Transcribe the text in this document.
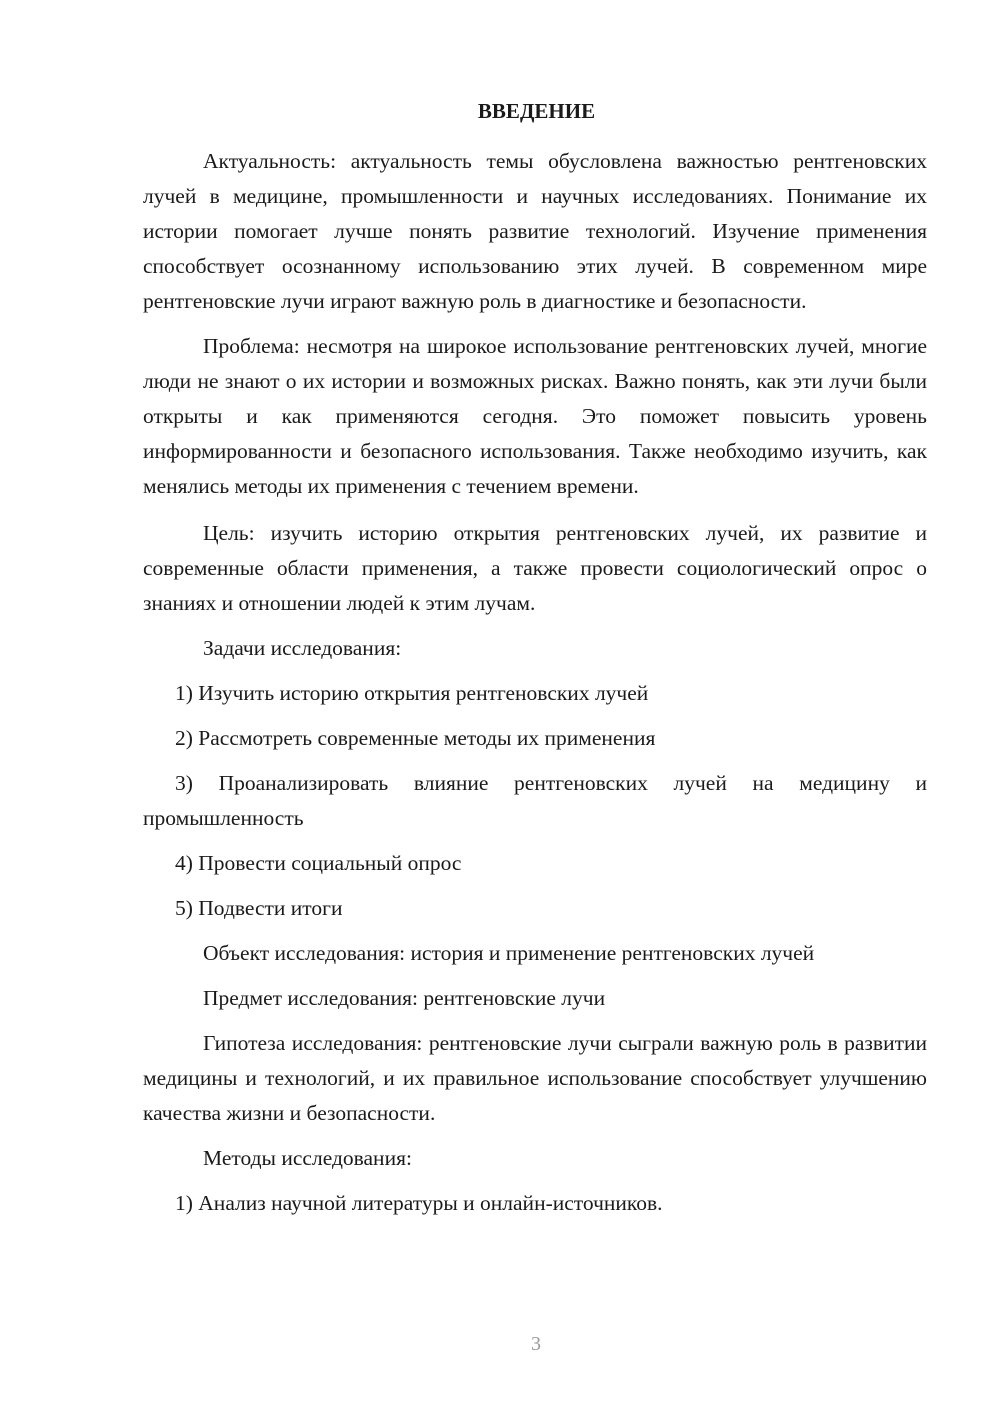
ВВЕДЕНИЕ

Актуальность: актуальность темы обусловлена важностью рентгеновских лучей в медицине, промышленности и научных исследованиях. Понимание их истории помогает лучше понять развитие технологий. Изучение применения способствует осознанному использованию этих лучей. В современном мире рентгеновские лучи играют важную роль в диагностике и безопасности.

Проблема: несмотря на широкое использование рентгеновских лучей, многие люди не знают о их истории и возможных рисках. Важно понять, как эти лучи были открыты и как применяются сегодня. Это поможет повысить уровень информированности и безопасного использования. Также необходимо изучить, как менялись методы их применения с течением времени.

Цель: изучить историю открытия рентгеновских лучей, их развитие и современные области применения, а также провести социологический опрос о знаниях и отношении людей к этим лучам.

Задачи исследования:

1) Изучить историю открытия рентгеновских лучей

2) Рассмотреть современные методы их применения

3) Проанализировать влияние рентгеновских лучей на медицину и промышленность

4) Провести социальный опрос

5) Подвести итоги

Объект исследования: история и применение рентгеновских лучей

Предмет исследования: рентгеновские лучи

Гипотеза исследования: рентгеновские лучи сыграли важную роль в развитии медицины и технологий, и их правильное использование способствует улучшению качества жизни и безопасности.

Методы исследования:

1) Анализ научной литературы и онлайн-источников.

3
